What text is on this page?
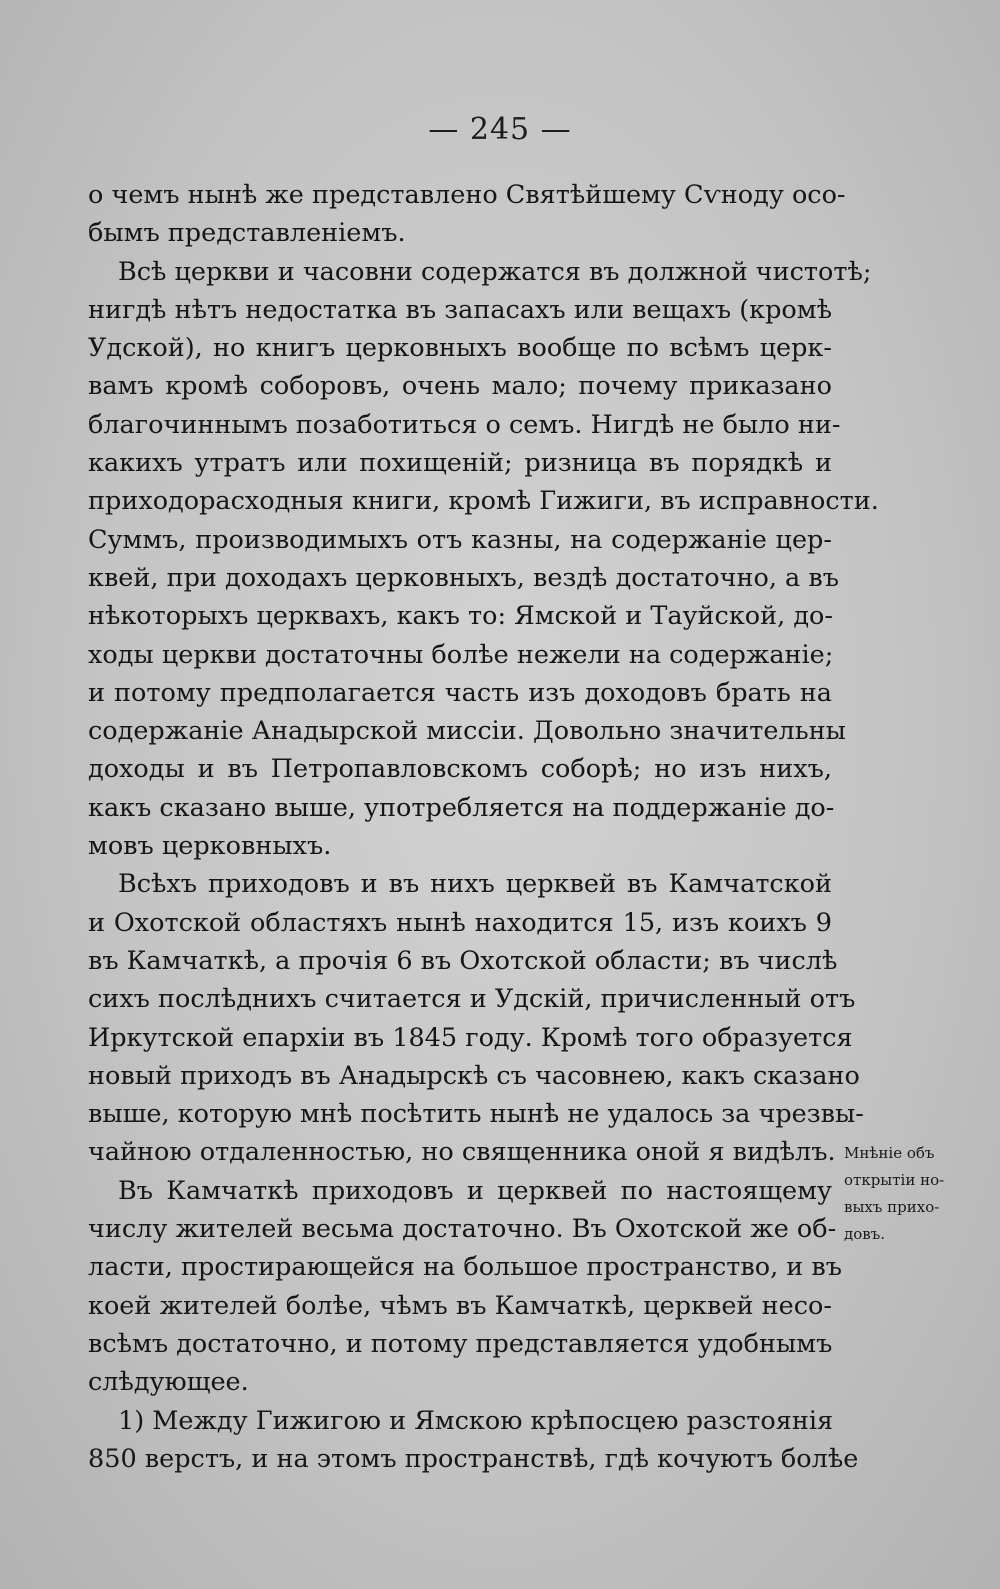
— 245 —
о чемъ нынѣ же представлено Святѣйшему Сѵноду осо-
бымъ представленіемъ.
Всѣ церкви и часовни содержатся въ должной чистотѣ;
нигдѣ нѣтъ недостатка въ запасахъ или вещахъ (кромѣ
Удской), но книгъ церковныхъ вообще по всѣмъ церк-
вамъ кромѣ соборовъ, очень мало; почему приказано
благочиннымъ позаботиться о семъ. Нигдѣ не было ни-
какихъ утратъ или похищеній; ризница въ порядкѣ и
приходорасходныя книги, кромѣ Гижиги, въ исправности.
Суммъ, производимыхъ отъ казны, на содержаніе цер-
квей, при доходахъ церковныхъ, вездѣ достаточно, а въ
нѣкоторыхъ церквахъ, какъ то: Ямской и Тауйской, до-
ходы церкви достаточны болѣе нежели на содержаніе;
и потому предполагается часть изъ доходовъ брать на
содержаніе Анадырской миссіи. Довольно значительны
доходы и въ Петропавловскомъ соборѣ; но изъ нихъ,
какъ сказано выше, употребляется на поддержаніе до-
мовъ церковныхъ.
Всѣхъ приходовъ и въ нихъ церквей въ Камчатской
и Охотской областяхъ нынѣ находится 15, изъ коихъ 9
въ Камчаткѣ, а прочія 6 въ Охотской области; въ числѣ
сихъ послѣднихъ считается и Удскій, причисленный отъ
Иркутской епархіи въ 1845 году. Кромѣ того образуется
новый приходъ въ Анадырскѣ съ часовнею, какъ сказано
выше, которую мнѣ посѣтить нынѣ не удалось за чрезвы-
чайною отдаленностью, но священника оной я видѣлъ.
Въ Камчаткѣ приходовъ и церквей по настоящему
числу жителей весьма достаточно. Въ Охотской же об-
ласти, простирающейся на большое пространство, и въ
коей жителей болѣе, чѣмъ въ Камчаткѣ, церквей несо-
всѣмъ достаточно, и потому представляется удобнымъ
слѣдующее.
1) Между Гижигою и Ямскою крѣпосцею разстоянія
850 верстъ, и на этомъ пространствѣ, гдѣ кочуютъ болѣе
Мнѣніе объ
открытіи но-
выхъ прихо-
довъ.
